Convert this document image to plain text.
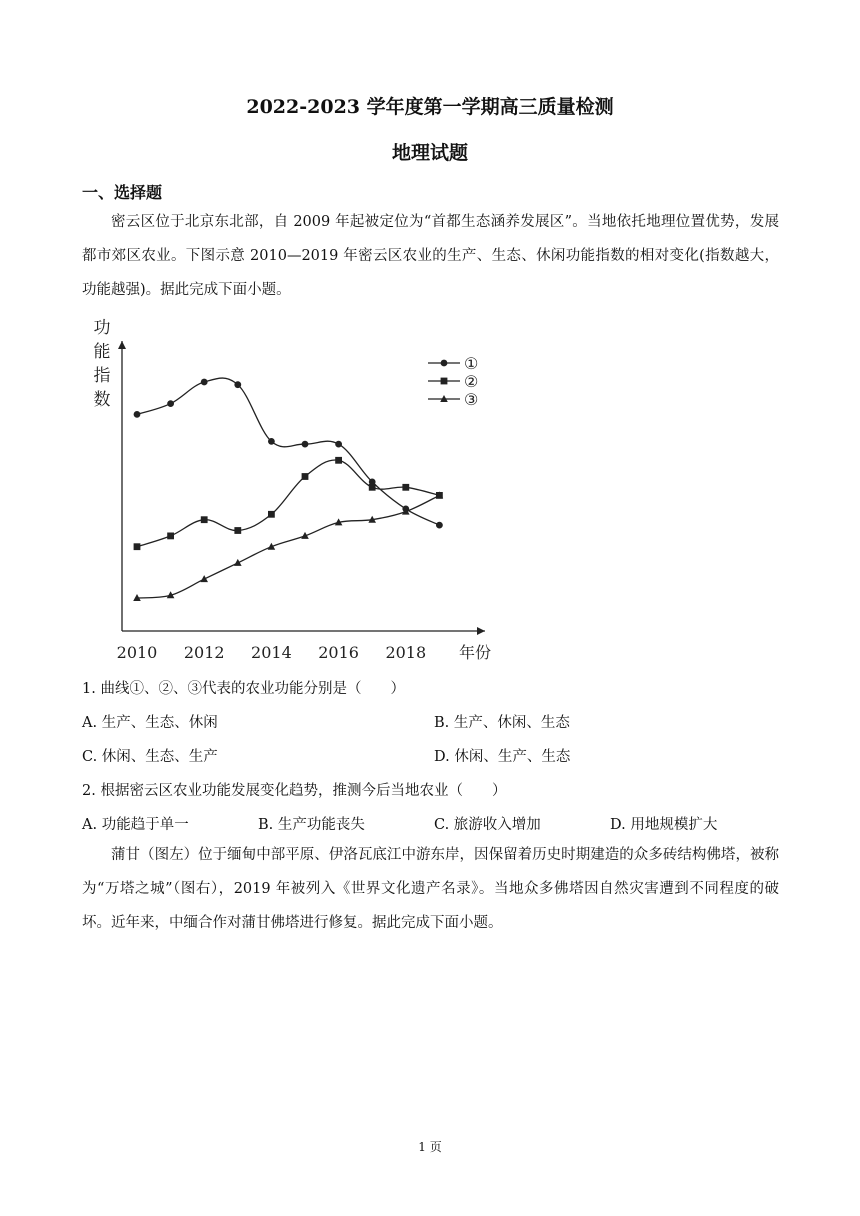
2022-2023 学年度第一学期高三质量检测
地理试题
一、选择题
密云区位于北京东北部，自 2009 年起被定位为“首都生态涵养发展区”。当地依托地理位置优势，发展都市郊区农业。下图示意 2010—2019 年密云区农业的生产、生态、休闲功能指数的相对变化(指数越大，功能越强)。据此完成下面小题。
功
能
指
数
2010 2012 2014 2016 2018 年份
①
②
③
1. 曲线①、②、③代表的农业功能分别是（　　）
A. 生产、生态、休闲	B. 生产、休闲、生态
C. 休闲、生态、生产	D. 休闲、生产、生态
2. 根据密云区农业功能发展变化趋势，推测今后当地农业（　　）
A. 功能趋于单一	B. 生产功能丧失	C. 旅游收入增加	D. 用地规模扩大
蒲甘（图左）位于缅甸中部平原、伊洛瓦底江中游东岸，因保留着历史时期建造的众多砖结构佛塔，被称为“万塔之城”（图右），2019 年被列入《世界文化遗产名录》。当地众多佛塔因自然灾害遭到不同程度的破坏。近年来，中缅合作对蒲甘佛塔进行修复。据此完成下面小题。
1 页
